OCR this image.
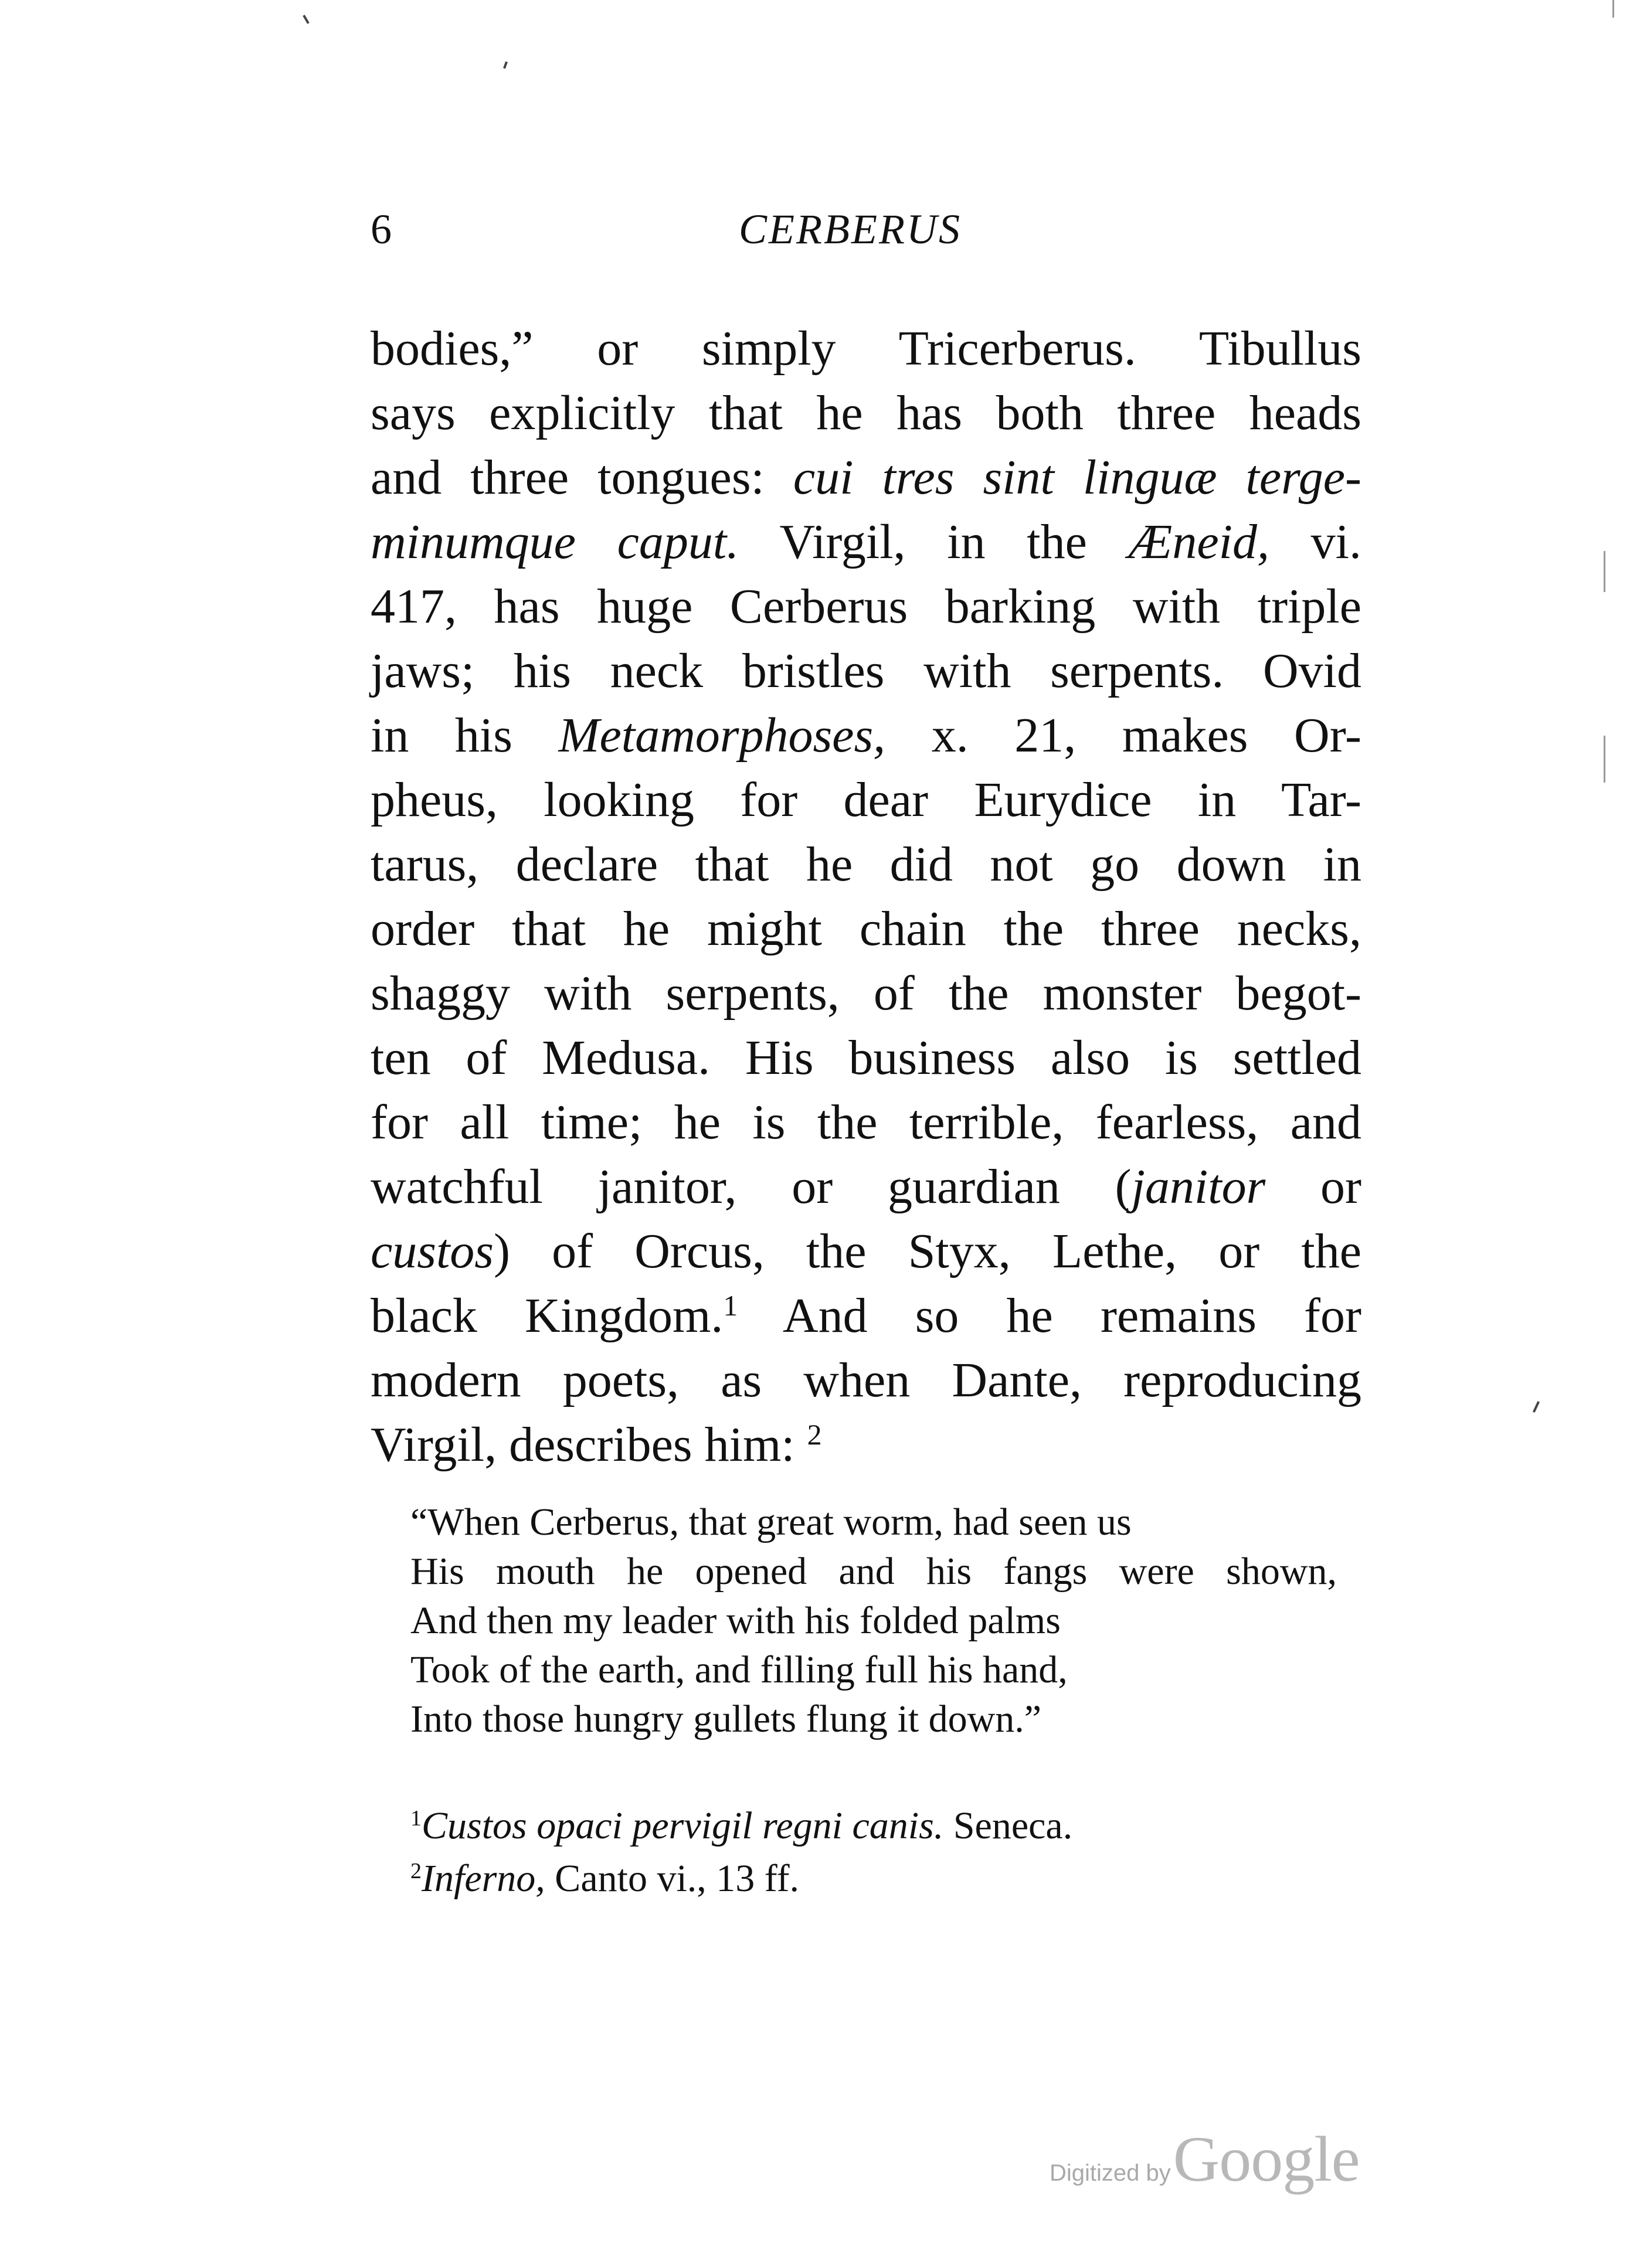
6	CERBERUS
bodies,” or simply Tricerberus. Tibullus
says explicitly that he has both three heads
and three tongues: cui tres sint linguæ terge-
minumque caput. Virgil, in the Æneid, vi.
417, has huge Cerberus barking with triple
jaws; his neck bristles with serpents. Ovid
in his Metamorphoses, x. 21, makes Or-
pheus, looking for dear Eurydice in Tar-
tarus, declare that he did not go down in
order that he might chain the three necks,
shaggy with serpents, of the monster begot-
ten of Medusa. His business also is settled
for all time; he is the terrible, fearless, and
watchful janitor, or guardian (janitor or
custos) of Orcus, the Styx, Lethe, or the
black Kingdom.$^1$ And so he remains for
modern poets, as when Dante, reproducing
Virgil, describes him: $^2$
“When Cerberus, that great worm, had seen us
His mouth he opened and his fangs were shown,
And then my leader with his folded palms
Took of the earth, and filling full his hand,
Into those hungry gullets flung it down.”
$^1$Custos opaci pervigil regni canis. Seneca.
$^2$Inferno, Canto vi., 13 ff.
Digitized by Google
